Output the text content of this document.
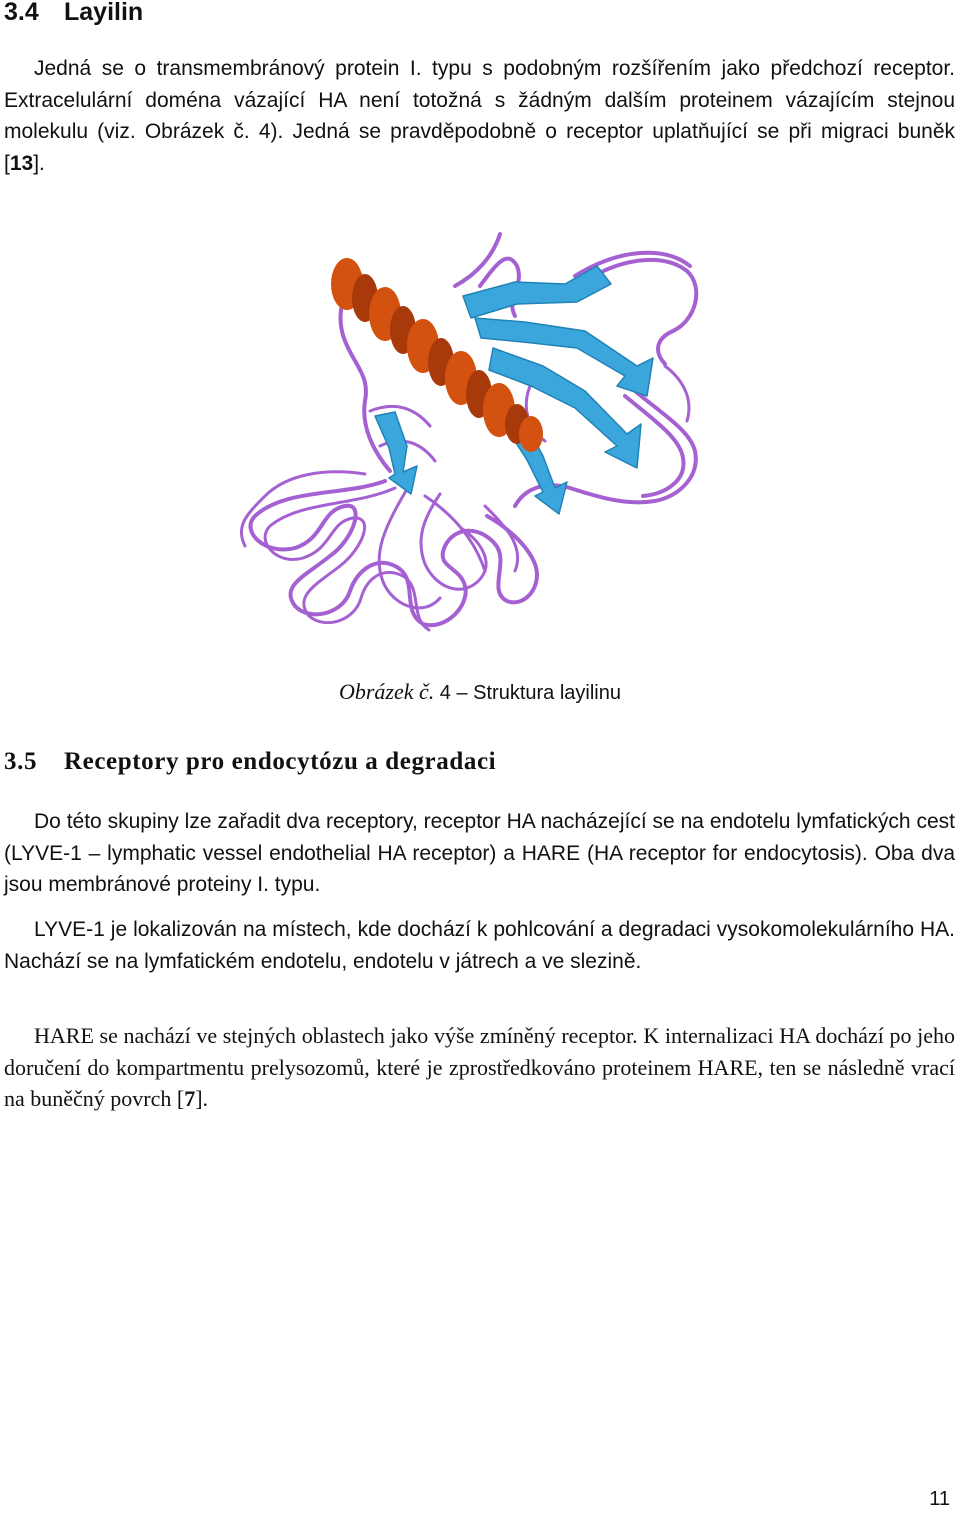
3.4 Layilin

Jedná se o transmembránový protein I. typu s podobným rozšířením jako předchozí receptor. Extracelulární doména vázající HA není totožná s žádným dalším proteinem vázajícím stejnou molekulu (viz. Obrázek č. 4). Jedná se pravděpodobně o receptor uplatňující se při migraci buněk [13].

Obrázek č. 4 – Struktura layilinu

3.5 Receptory pro endocytózu a degradaci

Do této skupiny lze zařadit dva receptory, receptor HA nacházející se na endotelu lymfatických cest (LYVE-1 – lymphatic vessel endothelial HA receptor) a HARE (HA receptor for endocytosis). Oba dva jsou membránové proteiny I. typu.

LYVE-1 je lokalizován na místech, kde dochází k pohlcování a degradaci vysokomolekulárního HA. Nachází se na lymfatickém endotelu, endotelu v játrech a ve slezině.

HARE se nachází ve stejných oblastech jako výše zmíněný receptor. K internalizaci HA dochází po jeho doručení do kompartmentu prelysozomů, které je zprostředkováno proteinem HARE, ten se následně vrací na buněčný povrch [7].

11
